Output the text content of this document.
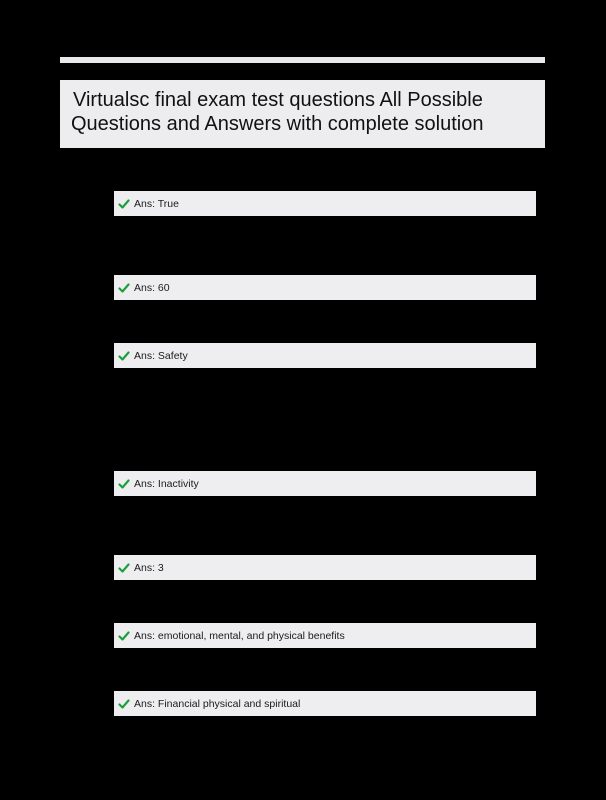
Virtualsc final exam test questions All Possible
Questions and Answers with complete solution
Ans: True
Ans: 60
Ans: Safety
Ans: Inactivity
Ans: 3
Ans: emotional, mental, and physical benefits
Ans: Financial physical and spiritual
